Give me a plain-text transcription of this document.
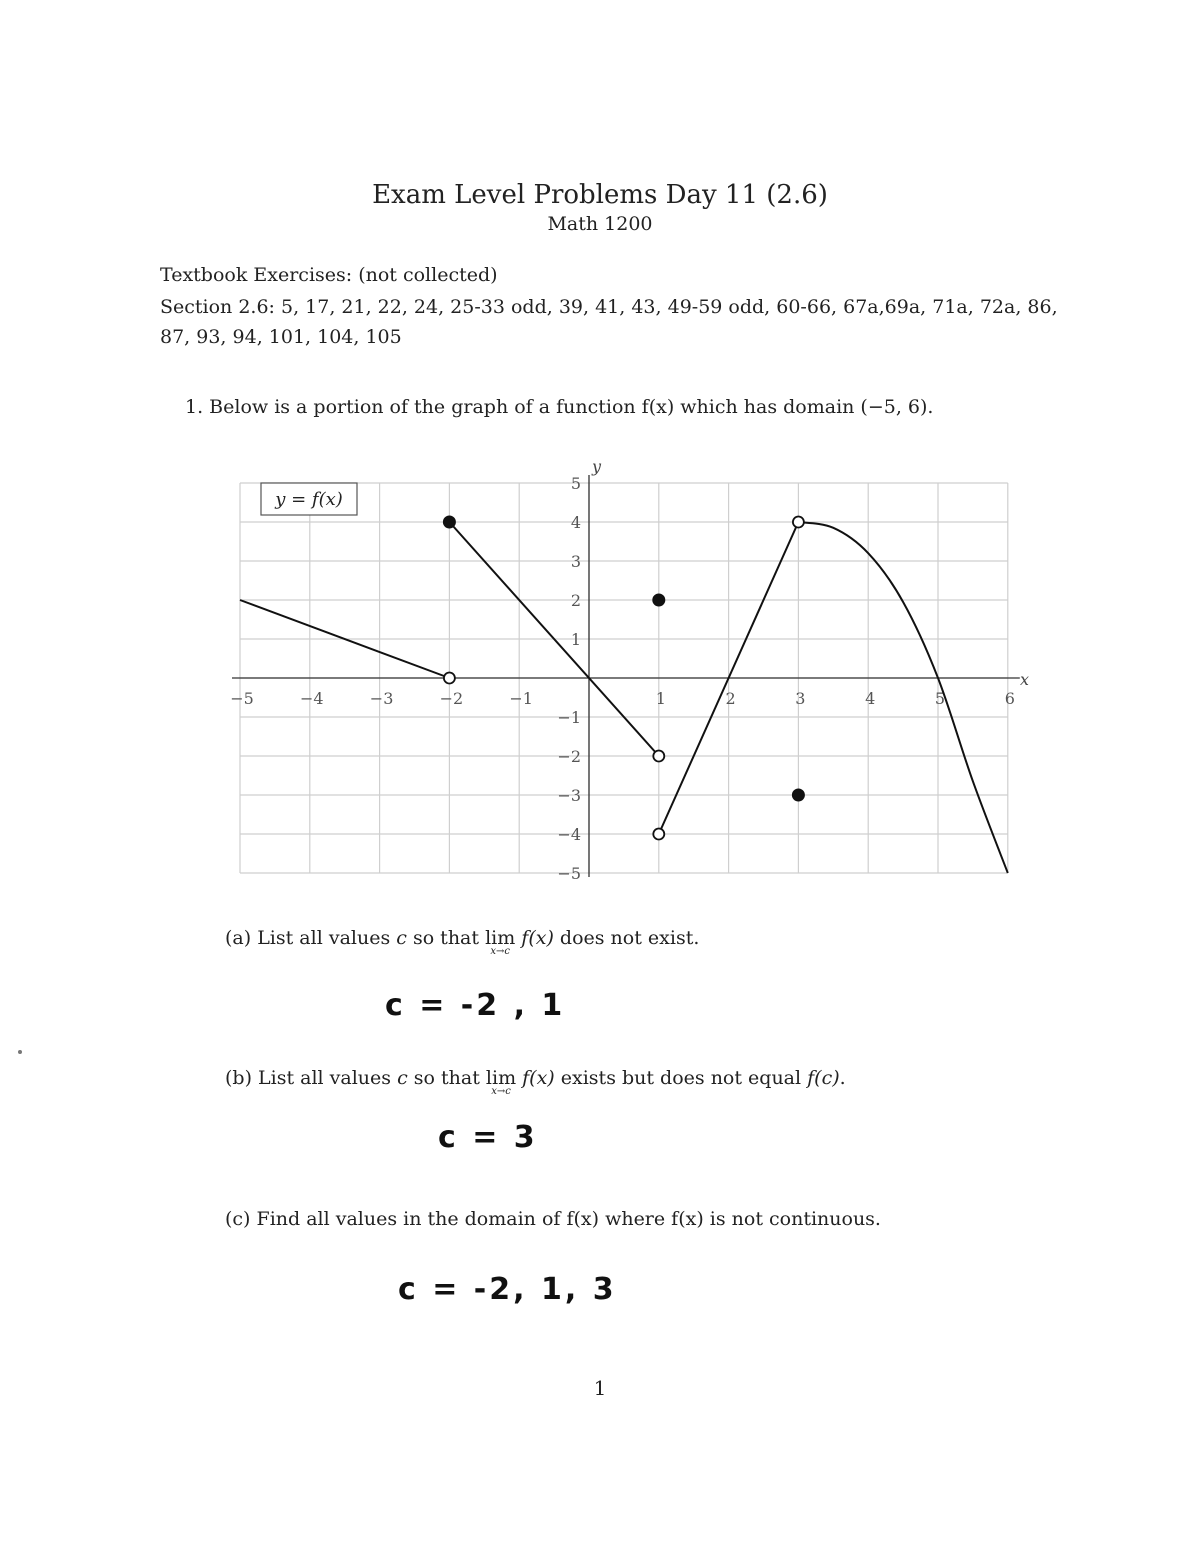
Exam Level Problems Day 11 (2.6)
Math 1200
Textbook Exercises: (not collected)
Section 2.6: 5, 17, 21, 22, 24, 25-33 odd, 39, 41, 43, 49-59 odd, 60-66, 67a,69a, 71a, 72a, 86, 87, 93, 94, 101, 104, 105
1. Below is a portion of the graph of a function f(x) which has domain (−5, 6).
−5	−4	−3	−2	−1	1	2	3	4	5	6
5
4
3
2
1
−1
−2
−3
−4
−5
y = f(x)
x
y
(a) List all values c so that lim
x→c
f(x) does not exist.
c = -2 , 1
(b) List all values c so that lim
x→c
f(x) exists but does not equal f(c).
c = 3
(c) Find all values in the domain of f(x) where f(x) is not continuous.
c = -2, 1, 3
1
